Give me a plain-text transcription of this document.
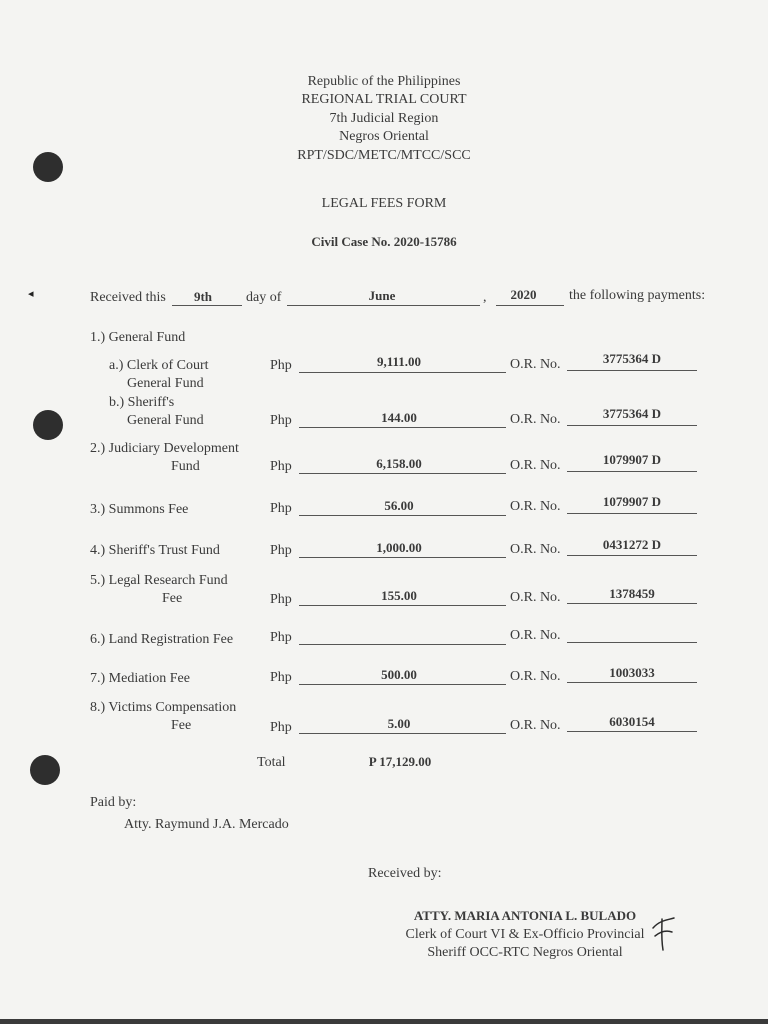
◂
Republic of the Philippines
REGIONAL TRIAL COURT
7th Judicial Region
Negros Oriental
RPT/SDC/METC/MTCC/SCC
LEGAL FEES FORM
Civil Case No. 2020-15786
Received this	9th	day of	June	,	2020	the following payments:
1.) General Fund
a.) Clerk of Court
General Fund
Php	9,111.00	O.R. No.	3775364 D
b.) Sheriff's
General Fund	Php	144.00	O.R. No.	3775364 D
2.) Judiciary Development
Fund	Php	6,158.00	O.R. No.	1079907 D
3.) Summons Fee	Php	56.00	O.R. No.	1079907 D
4.) Sheriff's Trust Fund	Php	1,000.00	O.R. No.	0431272 D
5.) Legal Research Fund
Fee	Php	155.00	O.R. No.	1378459
6.) Land Registration Fee	Php	O.R. No.
7.) Mediation Fee	Php	500.00	O.R. No.	1003033
8.) Victims Compensation
Fee	Php	5.00	O.R. No.	6030154
Total	P 17,129.00
Paid by:
Atty. Raymund J.A. Mercado
Received by:
ATTY. MARIA ANTONIA L. BULADO
Clerk of Court VI & Ex-Officio Provincial
Sheriff OCC-RTC Negros Oriental
